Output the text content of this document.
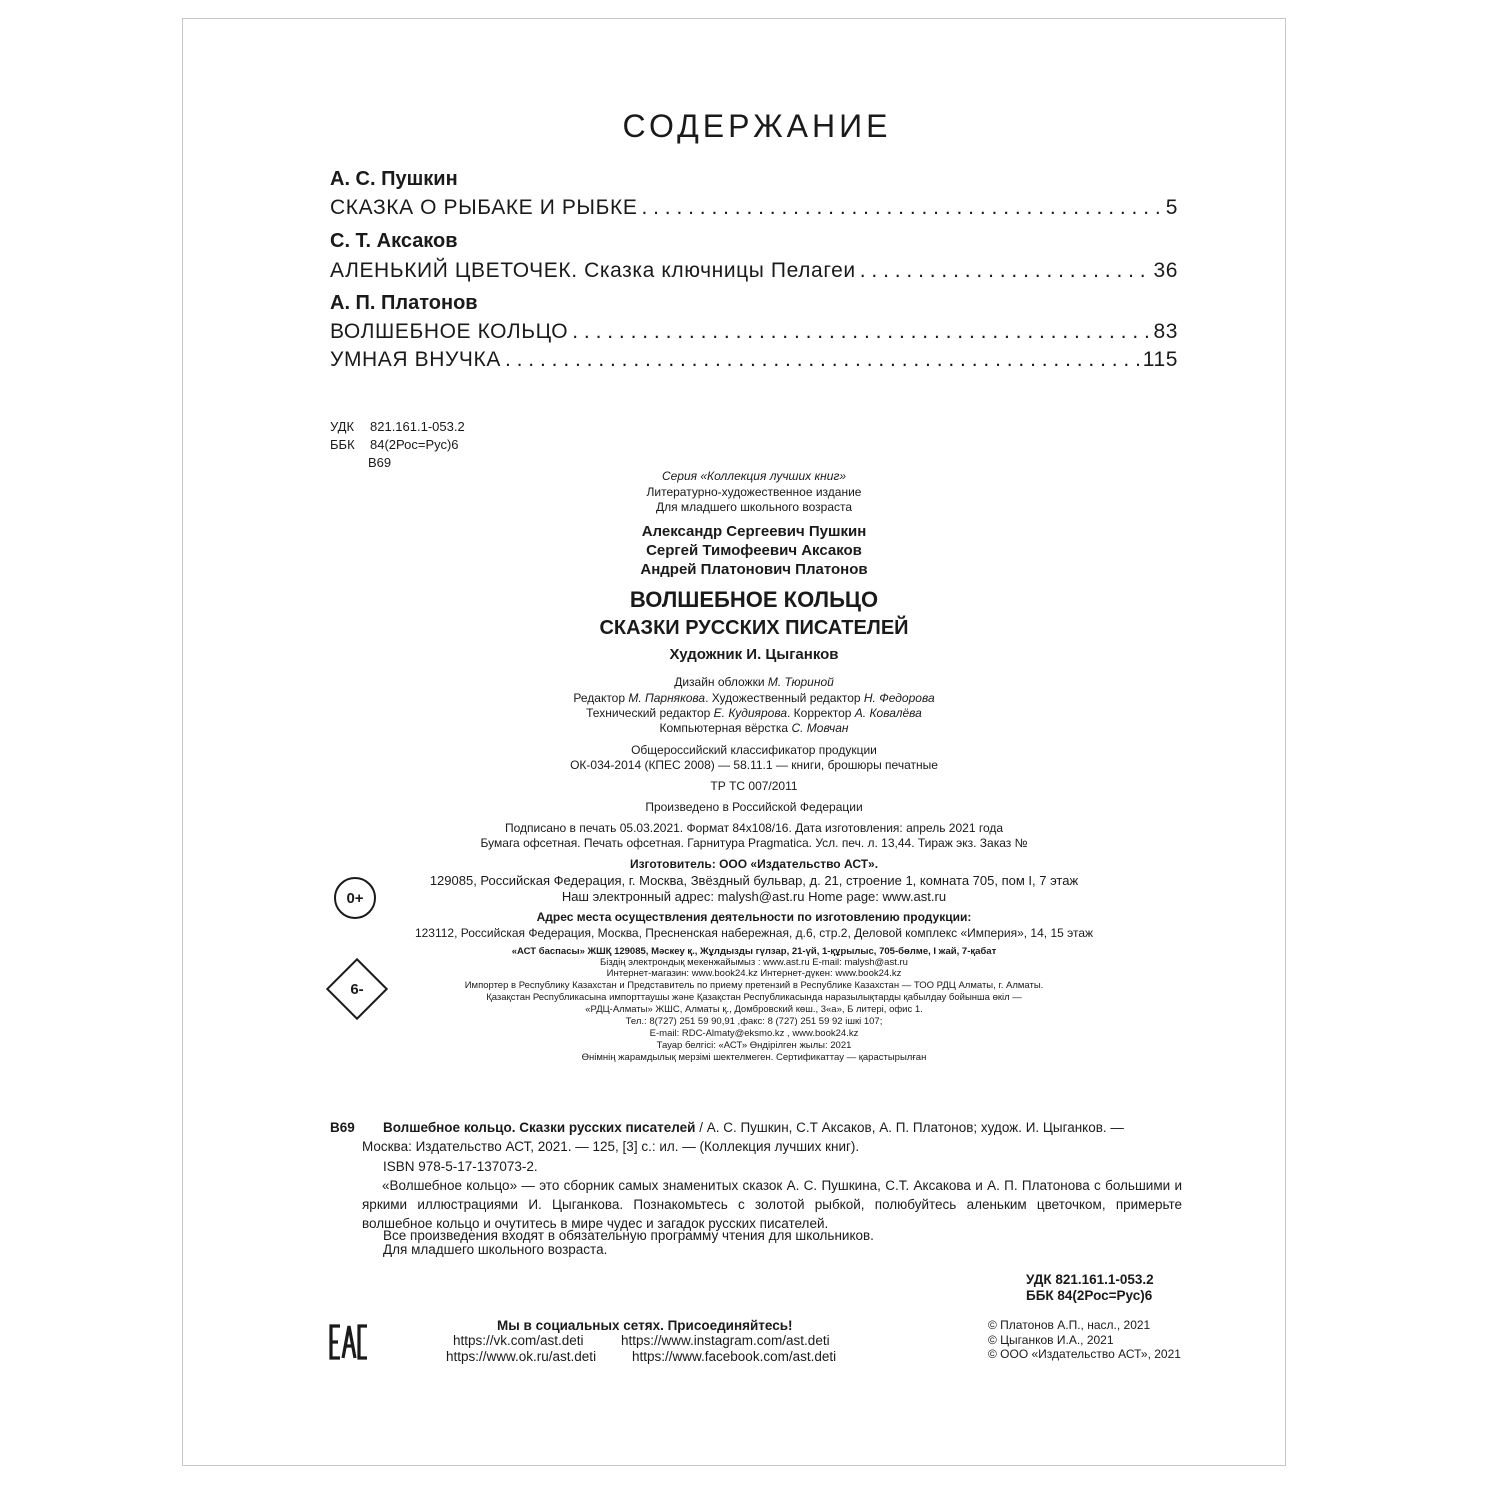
СОДЕРЖАНИЕ
А. С. Пушкин
СКАЗКА О РЫБАКЕ И РЫБКЕ . . .	5
С. Т. Аксаков
АЛЕНЬКИЙ ЦВЕТОЧЕК. Сказка ключницы Пелагеи . . .	36
А. П. Платонов
ВОЛШЕБНОЕ КОЛЬЦО . . .	83
УМНАЯ ВНУЧКА . . .	115
УДК 821.161.1-053.2
ББК 84(2Рос=Рус)6
В69
Серия «Коллекция лучших книг»
Литературно-художественное издание
Для младшего школьного возраста
Александр Сергеевич Пушкин
Сергей Тимофеевич Аксаков
Андрей Платонович Платонов
ВОЛШЕБНОЕ КОЛЬЦО
СКАЗКИ РУССКИХ ПИСАТЕЛЕЙ
Художник И. Цыганков
Дизайн обложки М. Тюриной
Редактор М. Парнякова. Художественный редактор Н. Федорова
Технический редактор Е. Кудиярова. Корректор А. Ковалёва
Компьютерная вёрстка С. Мовчан
Общероссийский классификатор продукции
ОК-034-2014 (КПЕС 2008) — 58.11.1 — книги, брошюры печатные
ТР ТС 007/2011
Произведено в Российской Федерации
Подписано в печать 05.03.2021. Формат 84x108/16. Дата изготовления: апрель 2021 года
Бумага офсетная. Печать офсетная. Гарнитура Pragmatica. Усл. печ. л. 13,44. Тираж экз. Заказ №
Изготовитель: ООО «Издательство АСТ».
129085, Российская Федерация, г. Москва, Звёздный бульвар, д. 21, строение 1, комната 705, пом I, 7 этаж
Наш электронный адрес: malysh@ast.ru Home page: www.ast.ru
Адрес места осуществления деятельности по изготовлению продукции:
123112, Российская Федерация, Москва, Пресненская набережная, д.6, стр.2, Деловой комплекс «Империя», 14, 15 этаж
0+
6-
«АСТ баспасы» ЖШҚ 129085, Мәскеу қ., Жұлдызды гүлзар, 21-үй, 1-құрылыс, 705-бөлме, I жай, 7-қабат
Біздің электрондық мекенжайымыз : www.ast.ru E-mail: malysh@ast.ru
Интернет-магазин: www.book24.kz Интернет-дүкен: www.book24.kz
Импортер в Республику Казахстан и Представитель по приему претензий в Республике Казахстан — ТОО РДЦ Алматы, г. Алматы.
Қазақстан Республикасына импорттаушы және Қазақстан Республикасында наразылықтарды қабылдау бойынша өкіл —
«РДЦ-Алматы» ЖШС, Алматы қ., Домбровский көш., 3«а», Б литері, офис 1.
Тел.: 8(727) 251 59 90,91 ,факс: 8 (727) 251 59 92 ішкі 107;
E-mail: RDC-Almaty@eksmo.kz , www.book24.kz
Тауар белгісі: «АСТ» Өндірілген жылы: 2021
Өнімнің жарамдылық мерзімі шектелмеген. Сертификаттау — қарастырылған
В69 Волшебное кольцо. Сказки русских писателей / А. С. Пушкин, С.Т Аксаков, А. П. Платонов; худож. И. Цыганков. —
Москва: Издательство АСТ, 2021. — 125, [3] с.: ил. — (Коллекция лучших книг).
ISBN 978-5-17-137073-2.
«Волшебное кольцо» — это сборник самых знаменитых сказок А. С. Пушкина, С.Т. Аксакова и А. П. Платонова с большими и яркими иллюстрациями И. Цыганкова. Познакомьтесь с золотой рыбкой, полюбуйтесь аленьким цветочком, примерьте волшебное кольцо и очутитесь в мире чудес и загадок русских писателей.
Все произведения входят в обязательную программу чтения для школьников.
Для младшего школьного возраста.
УДК 821.161.1-053.2
ББК 84(2Рос=Рус)6
EAC	Мы в социальных сетях. Присоединяйтесь!
https://vk.com/ast.deti	https://www.instagram.com/ast.deti
https://www.ok.ru/ast.deti	https://www.facebook.com/ast.deti
© Платонов А.П., насл., 2021
© Цыганков И.А., 2021
© ООО «Издательство АСТ», 2021
